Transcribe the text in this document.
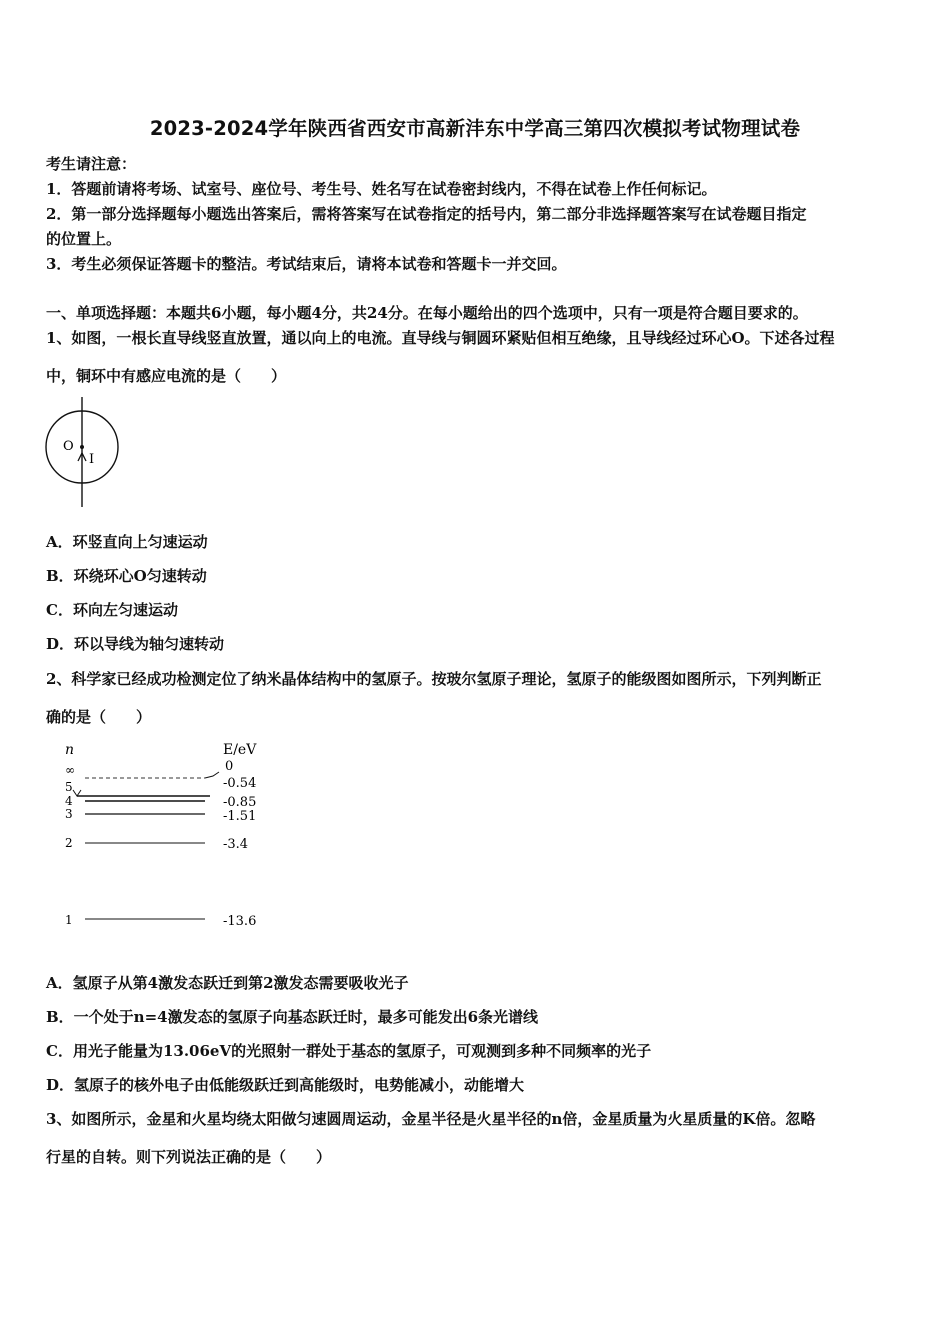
2023-2024学年陕西省西安市高新沣东中学高三第四次模拟考试物理试卷
考生请注意：
1．答题前请将考场、试室号、座位号、考生号、姓名写在试卷密封线内，不得在试卷上作任何标记。
2．第一部分选择题每小题选出答案后，需将答案写在试卷指定的括号内，第二部分非选择题答案写在试卷题目指定
的位置上。
3．考生必须保证答题卡的整洁。考试结束后，请将本试卷和答题卡一并交回。
一、单项选择题：本题共6小题，每小题4分，共24分。在每小题给出的四个选项中，只有一项是符合题目要求的。
1、如图，一根长直导线竖直放置，通以向上的电流。直导线与铜圆环紧贴但相互绝缘，且导线经过环心O。下述各过程
中，铜环中有感应电流的是（　　）
O
I
A．环竖直向上匀速运动
B．环绕环心O匀速转动
C．环向左匀速运动
D．环以导线为轴匀速转动
2、科学家已经成功检测定位了纳米晶体结构中的氢原子。按玻尔氢原子理论，氢原子的能级图如图所示，下列判断正
确的是（　　）
n	E/eV
∞	0
5	-0.54
4	-0.85
3	-1.51
2	-3.4
1	-13.6
A．氢原子从第4激发态跃迁到第2激发态需要吸收光子
B．一个处于n=4激发态的氢原子向基态跃迁时，最多可能发出6条光谱线
C．用光子能量为13.06eV的光照射一群处于基态的氢原子，可观测到多种不同频率的光子
D．氢原子的核外电子由低能级跃迁到高能级时，电势能减小，动能增大
3、如图所示，金星和火星均绕太阳做匀速圆周运动，金星半径是火星半径的n倍，金星质量为火星质量的K倍。忽略
行星的自转。则下列说法正确的是（　　）
